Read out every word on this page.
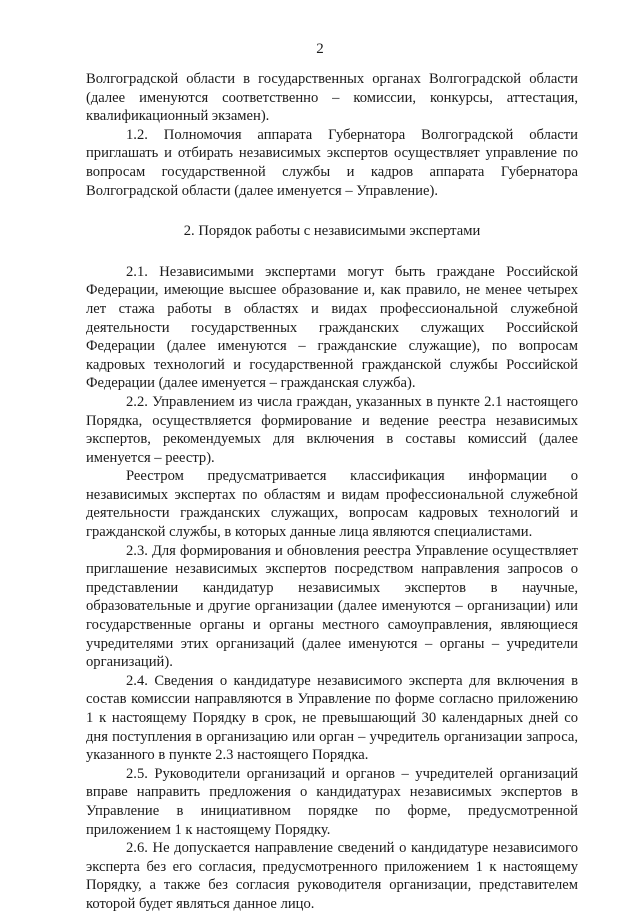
2

Волгоградской области в государственных органах Волгоградской области (далее именуются соответственно – комиссии, конкурсы, аттестация, квалификационный экзамен).

1.2. Полномочия аппарата Губернатора Волгоградской области приглашать и отбирать независимых экспертов осуществляет управление по вопросам государственной службы и кадров аппарата Губернатора Волгоградской области (далее именуется – Управление).

2. Порядок работы с независимыми экспертами

2.1. Независимыми экспертами могут быть граждане Российской Федерации, имеющие высшее образование и, как правило, не менее четырех лет стажа работы в областях и видах профессиональной служебной деятельности государственных гражданских служащих Российской Федерации (далее именуются – гражданские служащие), по вопросам кадровых технологий и государственной гражданской службы Российской Федерации (далее именуется – гражданская служба).

2.2. Управлением из числа граждан, указанных в пункте 2.1 настоящего Порядка, осуществляется формирование и ведение реестра независимых экспертов, рекомендуемых для включения в составы комиссий (далее именуется – реестр).

Реестром предусматривается классификация информации о независимых экспертах по областям и видам профессиональной служебной деятельности гражданских служащих, вопросам кадровых технологий и гражданской службы, в которых данные лица являются специалистами.

2.3. Для формирования и обновления реестра Управление осуществляет приглашение независимых экспертов посредством направления запросов о представлении кандидатур независимых экспертов в научные, образовательные и другие организации (далее именуются – организации) или государственные органы и органы местного самоуправления, являющиеся учредителями этих организаций (далее именуются – органы – учредители организаций).

2.4. Сведения о кандидатуре независимого эксперта для включения в состав комиссии направляются в Управление по форме согласно приложению 1 к настоящему Порядку в срок, не превышающий 30 календарных дней со дня поступления в организацию или орган – учредитель организации запроса, указанного в пункте 2.3 настоящего Порядка.

2.5. Руководители организаций и органов – учредителей организаций вправе направить предложения о кандидатурах независимых экспертов в Управление в инициативном порядке по форме, предусмотренной приложением 1 к настоящему Порядку.

2.6. Не допускается направление сведений о кандидатуре независимого эксперта без его согласия, предусмотренного приложением 1 к настоящему Порядку, а также без согласия руководителя организации, представителем которой будет являться данное лицо.
